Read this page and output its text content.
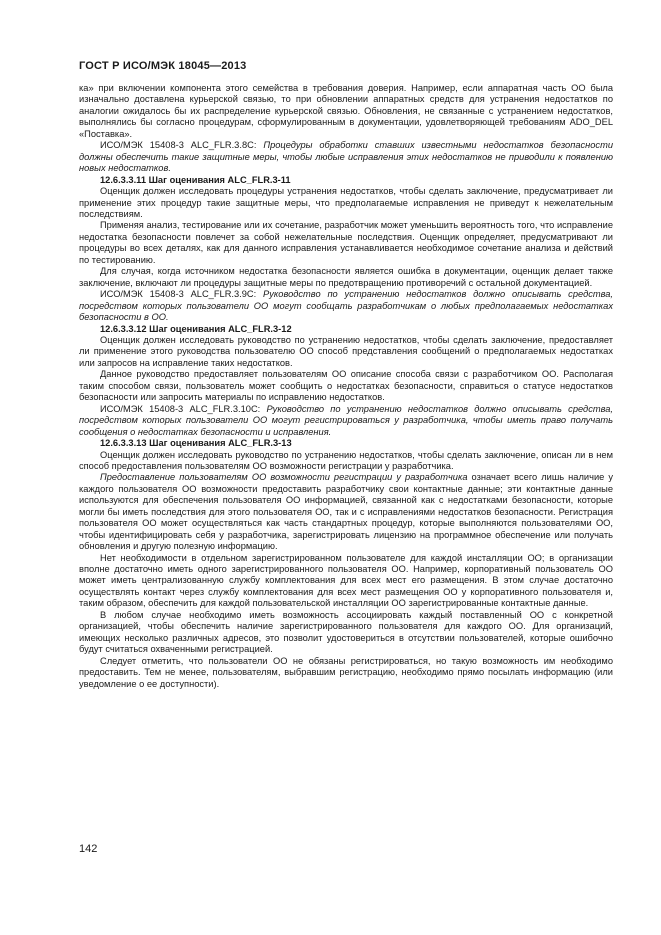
ГОСТ Р ИСО/МЭК 18045—2013

ка» при включении компонента этого семейства в требования доверия. Например, если аппаратная часть ОО была изначально доставлена курьерской связью, то при обновлении аппаратных средств для устранения недостатков по аналогии ожидалось бы их распределение курьерской связью. Обновления, не связанные с устранением недостатков, выполнялись бы согласно процедурам, сформулированным в документации, удовлетворяющей требованиям ADO_DEL «Поставка».

ИСО/МЭК 15408-3 ALC_FLR.3.8C: Процедуры обработки ставших известными недостатков безопасности должны обеспечить такие защитные меры, чтобы любые исправления этих недостатков не приводили к появлению новых недостатков.

12.6.3.3.11 Шаг оценивания ALC_FLR.3-11

Оценщик должен исследовать процедуры устранения недостатков, чтобы сделать заключение, предусматривает ли применение этих процедур такие защитные меры, что предполагаемые исправления не приведут к нежелательным последствиям.

Применяя анализ, тестирование или их сочетание, разработчик может уменьшить вероятность того, что исправление недостатка безопасности повлечет за собой нежелательные последствия. Оценщик определяет, предусматривают ли процедуры во всех деталях, как для данного исправления устанавливается необходимое сочетание анализа и действий по тестированию.

Для случая, когда источником недостатка безопасности является ошибка в документации, оценщик делает также заключение, включают ли процедуры защитные меры по предотвращению противоречий с остальной документацией.

ИСО/МЭК 15408-3 ALC_FLR.3.9C: Руководство по устранению недостатков должно описывать средства, посредством которых пользователи ОО могут сообщать разработчикам о любых предполагаемых недостатках безопасности в ОО.

12.6.3.3.12 Шаг оценивания ALC_FLR.3-12

Оценщик должен исследовать руководство по устранению недостатков, чтобы сделать заключение, предоставляет ли применение этого руководства пользователю ОО способ представления сообщений о предполагаемых недостатках или запросов на исправление таких недостатков.

Данное руководство предоставляет пользователям ОО описание способа связи с разработчиком ОО. Располагая таким способом связи, пользователь может сообщить о недостатках безопасности, справиться о статусе недостатков безопасности или запросить материалы по исправлению недостатков.

ИСО/МЭК 15408-3 ALC_FLR.3.10C: Руководство по устранению недостатков должно описывать средства, посредством которых пользователи ОО могут регистрироваться у разработчика, чтобы иметь право получать сообщения о недостатках безопасности и исправления.

12.6.3.3.13 Шаг оценивания ALC_FLR.3-13

Оценщик должен исследовать руководство по устранению недостатков, чтобы сделать заключение, описан ли в нем способ предоставления пользователям ОО возможности регистрации у разработчика.

Предоставление пользователям ОО возможности регистрации у разработчика означает всего лишь наличие у каждого пользователя ОО возможности предоставить разработчику свои контактные данные; эти контактные данные используются для обеспечения пользователя ОО информацией, связанной как с недостатками безопасности, которые могли бы иметь последствия для этого пользователя ОО, так и с исправлениями недостатков безопасности. Регистрация пользователя ОО может осуществляться как часть стандартных процедур, которые выполняются пользователями ОО, чтобы идентифицировать себя у разработчика, зарегистрировать лицензию на программное обеспечение или получать обновления и другую полезную информацию.

Нет необходимости в отдельном зарегистрированном пользователе для каждой инсталляции ОО; в организации вполне достаточно иметь одного зарегистрированного пользователя ОО. Например, корпоративный пользователь ОО может иметь централизованную службу комплектования для всех мест его размещения. В этом случае достаточно осуществлять контакт через службу комплектования для всех мест размещения ОО у корпоративного пользователя и, таким образом, обеспечить для каждой пользовательской инсталляции ОО зарегистрированные контактные данные.

В любом случае необходимо иметь возможность ассоциировать каждый поставленный ОО с конкретной организацией, чтобы обеспечить наличие зарегистрированного пользователя для каждого ОО. Для организаций, имеющих несколько различных адресов, это позволит удостовериться в отсутствии пользователей, которые ошибочно будут считаться охваченными регистрацией.

Следует отметить, что пользователи ОО не обязаны регистрироваться, но такую возможность им необходимо предоставить. Тем не менее, пользователям, выбравшим регистрацию, необходимо прямо посылать информацию (или уведомление о ее доступности).

142
